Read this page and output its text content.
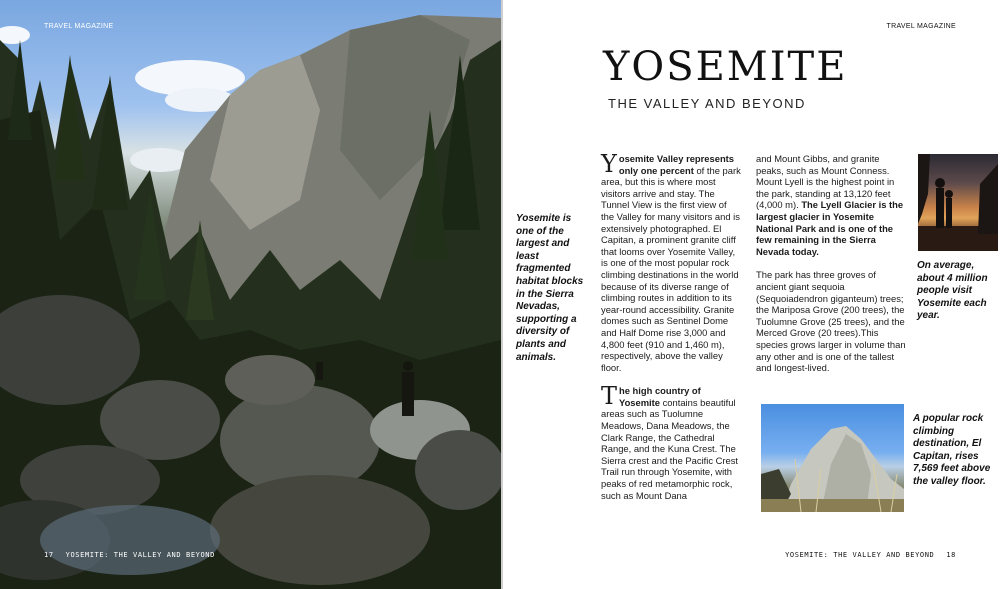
TRAVEL MAGAZINE
17 YOSEMITE: THE VALLEY AND BEYOND
TRAVEL MAGAZINE
YOSEMITE
THE VALLEY AND BEYOND

Yosemite Valley represents only one percent of the park area, but this is where most visitors arrive and stay. The Tunnel View is the first view of the Valley for many visitors and is extensively photographed. El Capitan, a prominent granite cliff that looms over Yosemite Valley, is one of the most popular rock climbing destinations in the world because of its diverse range of climbing routes in addition to its year-round accessibility. Granite domes such as Sentinel Dome and Half Dome rise 3,000 and 4,800 feet (910 and 1,460 m), respectively, above the valley floor.

The high country of Yosemite contains beautiful areas such as Tuolumne Meadows, Dana Meadows, the Clark Range, the Cathedral Range, and the Kuna Crest. The Sierra crest and the Pacific Crest Trail run through Yosemite, with peaks of red metamorphic rock, such as Mount Dana

and Mount Gibbs, and granite peaks, such as Mount Conness. Mount Lyell is the highest point in the park, standing at 13,120 feet (4,000 m). The Lyell Glacier is the largest glacier in Yosemite National Park and is one of the few remaining in the Sierra Nevada today.

The park has three groves of ancient giant sequoia (Sequoiadendron giganteum) trees; the Mariposa Grove (200 trees), the Tuolumne Grove (25 trees), and the Merced Grove (20 trees).This species grows larger in volume than any other and is one of the tallest and longest-lived.

YOSEMITE: THE VALLEY AND BEYOND 18
Yosemite is one of the largest and least fragmented habitat blocks in the Sierra Nevadas, supporting a diversity of plants and animals.
On average, about 4 million people visit Yosemite each year.
A popular rock climbing destination, El Capitan, rises 7,569 feet above the valley floor.
